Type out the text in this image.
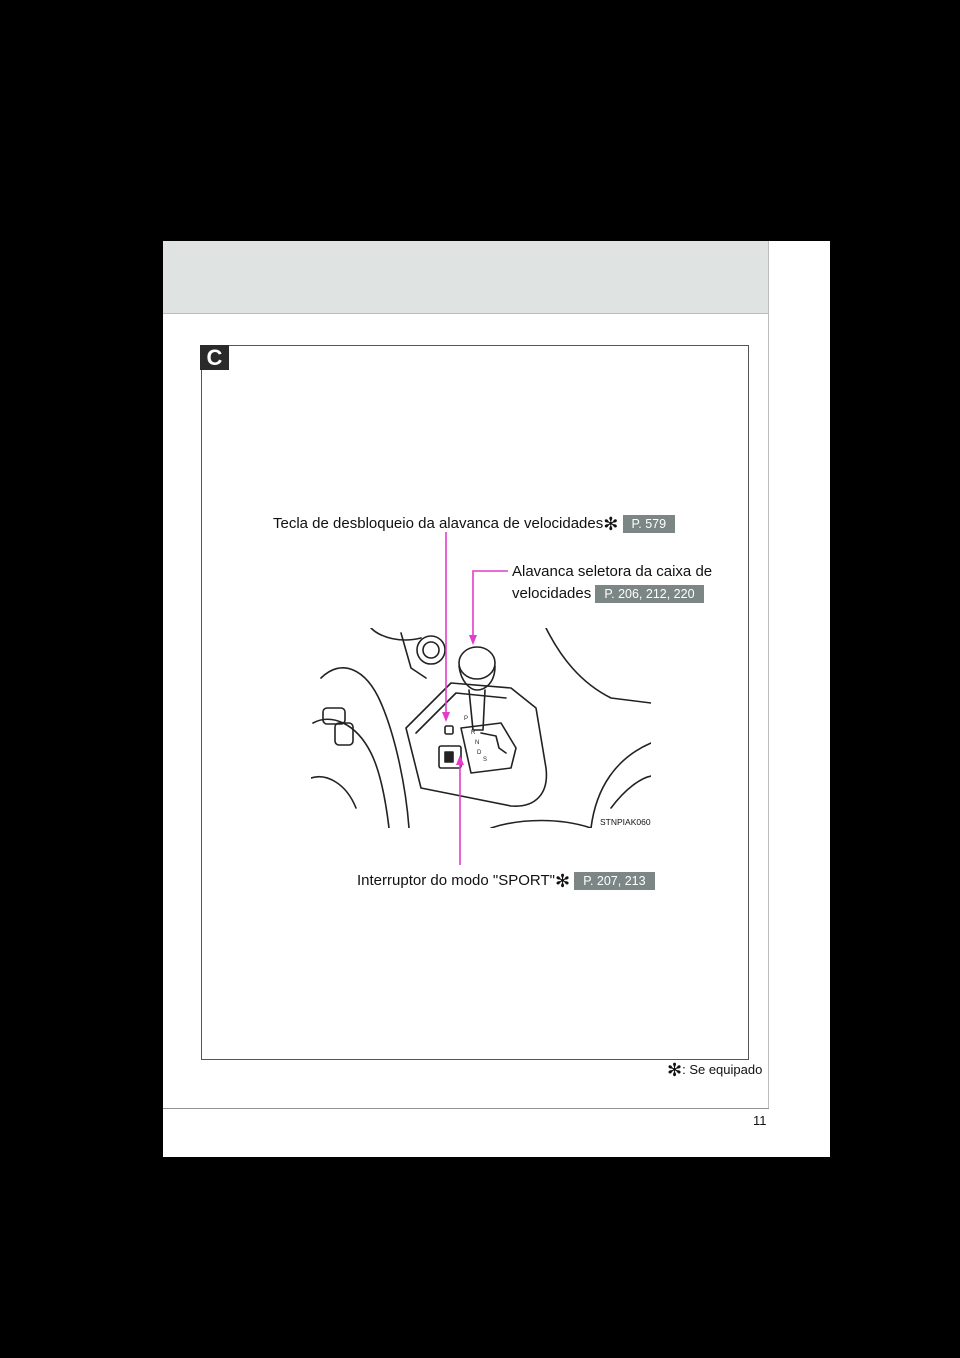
C
Tecla de desbloqueio da alavanca de velocidades✻ P. 579
Alavanca seletora da caixa de
velocidades P. 206, 212, 220
Interruptor do modo "SPORT"✻ P. 207, 213
P
R
N
D
S
STNPIAK060
✻: Se equipado
11
